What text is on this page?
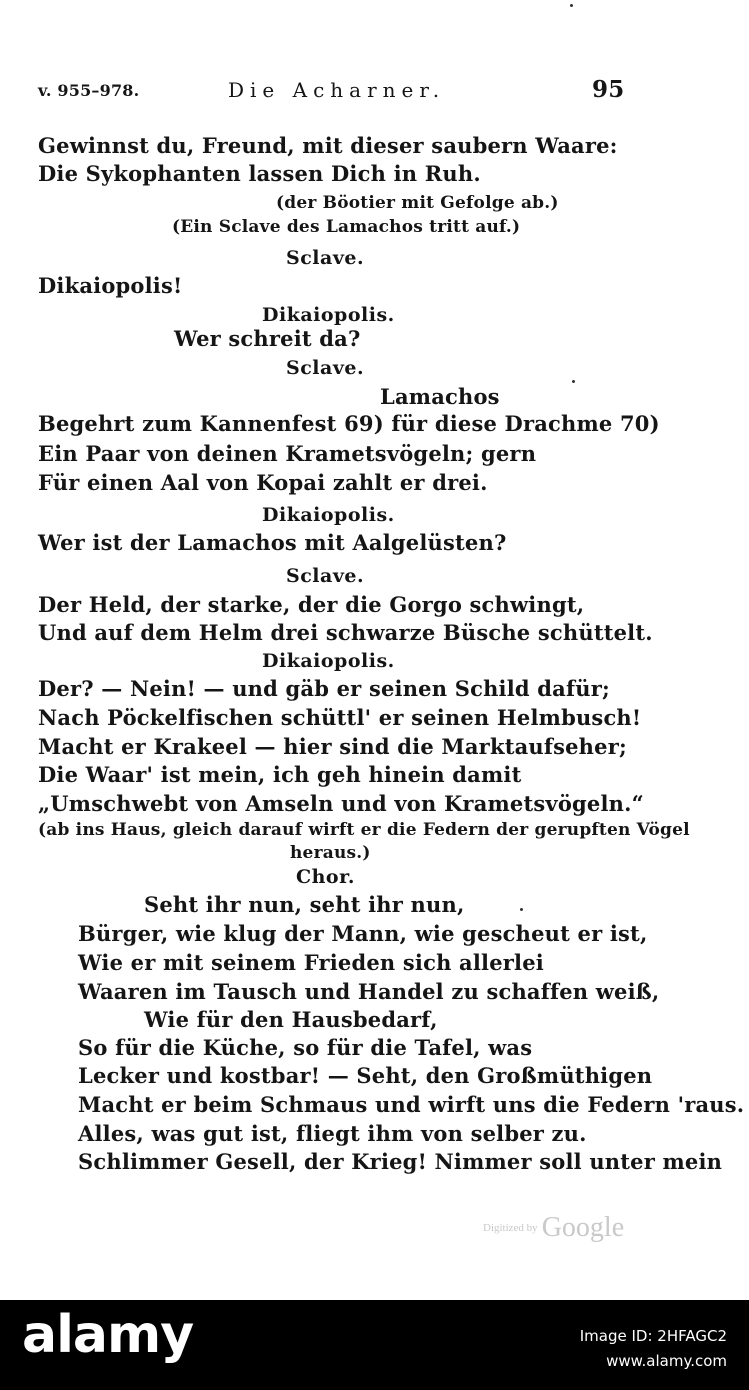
v. 955–978.	Die Acharner.	95
Gewinnst du, Freund, mit dieser saubern Waare:
Die Sykophanten lassen Dich in Ruh.
(der Böotier mit Gefolge ab.)
(Ein Sclave des Lamachos tritt auf.)
Sclave.
Dikaiopolis!
Dikaiopolis.
Wer schreit da?
Sclave.
Lamachos
Begehrt zum Kannenfest 69) für diese Drachme 70)
Ein Paar von deinen Krametsvögeln; gern
Für einen Aal von Kopai zahlt er drei.
Dikaiopolis.
Wer ist der Lamachos mit Aalgelüsten?
Sclave.
Der Held, der starke, der die Gorgo schwingt,
Und auf dem Helm drei schwarze Büsche schüttelt.
Dikaiopolis.
Der? — Nein! — und gäb er seinen Schild dafür;
Nach Pöckelfischen schüttl' er seinen Helmbusch!
Macht er Krakeel — hier sind die Marktaufseher;
Die Waar' ist mein, ich geh hinein damit
„Umschwebt von Amseln und von Krametsvögeln.“
(ab ins Haus, gleich darauf wirft er die Federn der gerupften Vögel
heraus.)
Chor.
Seht ihr nun, seht ihr nun,
Bürger, wie klug der Mann, wie gescheut er ist,
Wie er mit seinem Frieden sich allerlei
Waaren im Tausch und Handel zu schaffen weiß,
Wie für den Hausbedarf,
So für die Küche, so für die Tafel, was
Lecker und kostbar! — Seht, den Großmüthigen
Macht er beim Schmaus und wirft uns die Federn 'raus.
Alles, was gut ist, fliegt ihm von selber zu.
Schlimmer Gesell, der Krieg! Nimmer soll unter mein
Digitized by Google
alamy	Image ID: 2HFAGC2
www.alamy.com
